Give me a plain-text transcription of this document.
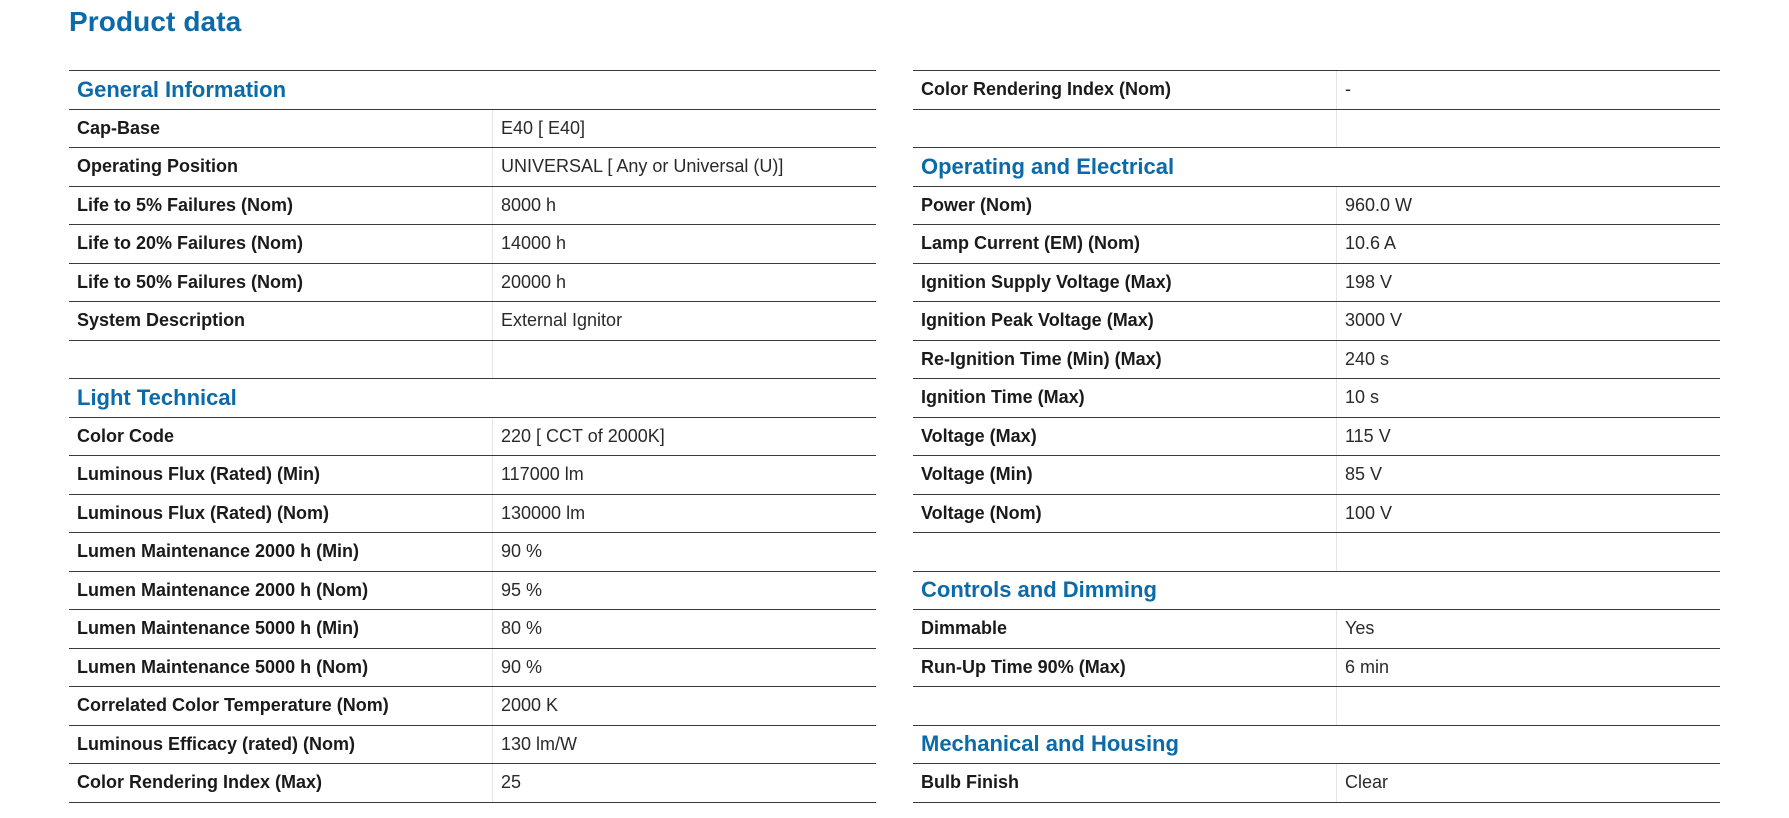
Product data
General Information
Cap-Base	E40 [ E40]
Operating Position	UNIVERSAL [ Any or Universal (U)]
Life to 5% Failures (Nom)	8000 h
Life to 20% Failures (Nom)	14000 h
Life to 50% Failures (Nom)	20000 h
System Description	External Ignitor
Light Technical
Color Code	220 [ CCT of 2000K]
Luminous Flux (Rated) (Min)	117000 lm
Luminous Flux (Rated) (Nom)	130000 lm
Lumen Maintenance 2000 h (Min)	90 %
Lumen Maintenance 2000 h (Nom)	95 %
Lumen Maintenance 5000 h (Min)	80 %
Lumen Maintenance 5000 h (Nom)	90 %
Correlated Color Temperature (Nom)	2000 K
Luminous Efficacy (rated) (Nom)	130 lm/W
Color Rendering Index (Max)	25
Color Rendering Index (Nom)	-
Operating and Electrical
Power (Nom)	960.0 W
Lamp Current (EM) (Nom)	10.6 A
Ignition Supply Voltage (Max)	198 V
Ignition Peak Voltage (Max)	3000 V
Re-Ignition Time (Min) (Max)	240 s
Ignition Time (Max)	10 s
Voltage (Max)	115 V
Voltage (Min)	85 V
Voltage (Nom)	100 V
Controls and Dimming
Dimmable	Yes
Run-Up Time 90% (Max)	6 min
Mechanical and Housing
Bulb Finish	Clear
